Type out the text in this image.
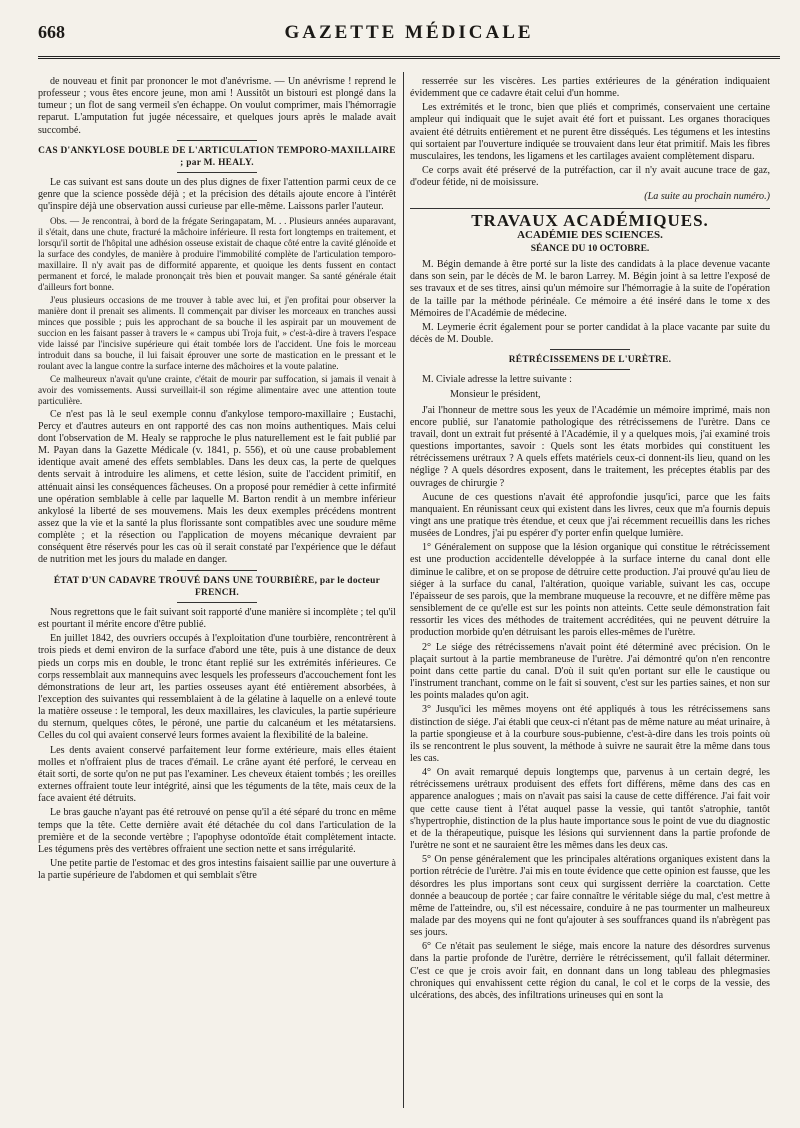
668	GAZETTE MÉDICALE

de nouveau et finit par prononcer le mot d'anévrisme. — Un anévrisme ! reprend le professeur ; vous êtes encore jeune, mon ami ! Aussitôt un bistouri est plongé dans la tumeur ; un flot de sang vermeil s'en échappe. On voulut comprimer, mais l'hémorragie reparut. L'amputation fut jugée nécessaire, et quelques jours après le malade avait succombé.

CAS D'ANKYLOSE DOUBLE DE L'ARTICULATION TEMPORO-MAXILLAIRE ; par M. HEALY.

Le cas suivant est sans doute un des plus dignes de fixer l'attention parmi ceux de ce genre que la science possède déjà ; et la précision des détails ajoute encore à l'intérêt qu'inspire déjà une observation aussi curieuse par elle-même. Laissons parler l'auteur.

Obs. — Je rencontrai, à bord de la frégate Seringapatam, M. . . Plusieurs années auparavant, il s'était, dans une chute, fracturé la mâchoire inférieure. Il resta fort longtemps en traitement, et lorsqu'il sortit de l'hôpital une adhésion osseuse existait de chaque côté entre la cavité glénoïde et la surface des condyles, de manière à produire l'immobilité complète de l'articulation temporo-maxillaire. Il n'y avait pas de difformité apparente, et quoique les dents fussent en contact permanent et forcé, le malade prononçait très bien et pouvait manger. Sa santé générale était d'ailleurs fort bonne.

J'eus plusieurs occasions de me trouver à table avec lui, et j'en profitai pour observer la manière dont il prenait ses aliments. Il commençait par diviser les morceaux en tranches aussi minces que possible ; puis les approchant de sa bouche il les aspirait par un mouvement de succion en les faisant passer à travers le « campus ubi Troja fuit, » c'est-à-dire à travers l'espace vide laissé par l'incisive supérieure qui était tombée lors de l'accident. Une fois le morceau introduit dans sa bouche, il lui faisait éprouver une sorte de mastication en le pressant et le roulant avec la langue contre la surface interne des mâchoires et la voute palatine.

Ce malheureux n'avait qu'une crainte, c'était de mourir par suffocation, si jamais il venait à avoir des vomissements. Aussi surveillait-il son régime alimentaire avec une attention toute particulière.

Ce n'est pas là le seul exemple connu d'ankylose temporo-maxillaire ; Eustachi, Percy et d'autres auteurs en ont rapporté des cas non moins authentiques. Mais celui dont l'observation de M. Healy se rapproche le plus naturellement est le fait publié par M. Payan dans la Gazette Médicale (v. 1841, p. 556), et où une cause probablement identique avait amené des effets semblables. Dans les deux cas, la perte de quelques dents servait à introduire les alimens, et cette lésion, suite de l'accident primitif, en atténuait ainsi les conséquences fâcheuses. On a proposé pour remédier à cette infirmité une opération semblable à celle par laquelle M. Barton rendit à un membre inférieur ankylosé la liberté de ses mouvemens. Mais les deux exemples précédens montrent assez que la vie et la santé la plus florissante sont compatibles avec une soudure même complète ; et la résection ou l'application de moyens mécanique devraient par conséquent être réservés pour les cas où il serait constaté par l'expérience que le défaut de nutrition met les jours du malade en danger.

ÉTAT D'UN CADAVRE TROUVÉ DANS UNE TOURBIÈRE, par le docteur FRENCH.

Nous regrettons que le fait suivant soit rapporté d'une manière si incomplète ; tel qu'il est pourtant il mérite encore d'être publié.

En juillet 1842, des ouvriers occupés à l'exploitation d'une tourbière, rencontrèrent à trois pieds et demi environ de la surface d'abord une tête, puis à une distance de deux pieds un corps mis en double, le tronc étant replié sur les extrémités inférieures. Ce corps ressemblait aux mannequins avec lesquels les professeurs d'accouchement font les démonstrations de leur art, les parties osseuses ayant été entièrement absorbées, à l'exception des suivantes qui ressemblaient à de la gélatine à laquelle on a enlevé toute la matière osseuse : le temporal, les deux maxillaires, les clavicules, la partie supérieure du sternum, quelques côtes, le péroné, une partie du calcanéum et les métatarsiens. Celles du col qui avaient conservé leurs formes avaient la flexibilité de la baleine.

Les dents avaient conservé parfaitement leur forme extérieure, mais elles étaient molles et n'offraient plus de traces d'émail. Le crâne ayant été perforé, le cerveau en était sorti, de sorte qu'on ne put pas l'examiner. Les cheveux étaient tombés ; les oreilles externes offraient toute leur intégrité, ainsi que les téguments de la tête, mais ceux de la face avaient été détruits.

Le bras gauche n'ayant pas été retrouvé on pense qu'il a été séparé du tronc en même temps que la tête. Cette dernière avait été détachée du col dans l'articulation de la première et de la seconde vertèbre ; l'apophyse odontoïde était complètement intacte. Les tégumens près des vertèbres offraient une section nette et sans irrégularité.

Une petite partie de l'estomac et des gros intestins faisaient saillie par une ouverture à la partie supérieure de l'abdomen et qui semblait s'être

resserrée sur les viscères. Les parties extérieures de la génération indiquaient évidemment que ce cadavre était celui d'un homme.

Les extrémités et le tronc, bien que pliés et comprimés, conservaient une certaine ampleur qui indiquait que le sujet avait été fort et puissant. Les organes thoraciques avaient été détruits entièrement et ne purent être disséqués. Les tégumens et les intestins qui sortaient par l'ouverture indiquée se trouvaient dans leur état primitif. Mais les fibres musculaires, les tendons, les ligamens et les cartilages avaient complètement disparu.

Ce corps avait été préservé de la putréfaction, car il n'y avait aucune trace de gaz, d'odeur fétide, ni de moisissure.

(La suite au prochain numéro.)

TRAVAUX ACADÉMIQUES.
ACADÉMIE DES SCIENCES.
SÉANCE DU 10 OCTOBRE.

M. Bégin demande à être porté sur la liste des candidats à la place devenue vacante dans son sein, par le décès de M. le baron Larrey. M. Bégin joint à sa lettre l'exposé de ses travaux et de ses titres, ainsi qu'un mémoire sur l'hémorragie à la suite de l'opération de la taille par la méthode périnéale. Ce mémoire a été inséré dans le tome x des Mémoires de l'Académie de médecine.

M. Leymerie écrit également pour se porter candidat à la place vacante par suite du décès de M. Double.

RÉTRÉCISSEMENS DE L'URÈTRE.

M. Civiale adresse la lettre suivante :

Monsieur le président,

J'ai l'honneur de mettre sous les yeux de l'Académie un mémoire imprimé, mais non encore publié, sur l'anatomie pathologique des rétrécissemens de l'urètre. Dans ce travail, dont un extrait fut présenté à l'Académie, il y a quelques mois, j'ai examiné trois questions importantes, savoir : Quels sont les états morbides qui constituent les rétrécissemens urétraux ? A quels effets matériels ceux-ci donnent-ils lieu, quand on les néglige ? A quels désordres exposent, dans le traitement, les préceptes établis par des ouvrages de chirurgie ?

Aucune de ces questions n'avait été approfondie jusqu'ici, parce que les faits manquaient. En réunissant ceux qui existent dans les livres, ceux que m'a fournis depuis vingt ans une pratique très étendue, et ceux que j'ai récemment recueillis dans les riches musées de Londres, j'ai pu espérer d'y porter enfin quelque lumière.

1° Généralement on suppose que la lésion organique qui constitue le rétrécissement est une production accidentelle développée à la surface interne du canal dont elle diminue le calibre, et on se propose de détruire cette production. J'ai prouvé qu'au lieu de siéger à la surface du canal, l'altération, quoique variable, suivant les cas, occupe l'épaisseur de ses parois, que la membrane muqueuse la recouvre, et ne diffère même pas sensiblement de ce qu'elle est sur les points non atteints. Cette seule démonstration fait ressortir les vices des méthodes de traitement accréditées, qui ne peuvent détruire la production morbide qu'en détruisant les parois elles-mêmes de l'urètre.

2° Le siége des rétrécissemens n'avait point été déterminé avec précision. On le plaçait surtout à la partie membraneuse de l'urètre. J'ai démontré qu'on n'en rencontre point dans cette partie du canal. D'où il suit qu'en portant sur elle le caustique ou l'instrument tranchant, comme on le fait si souvent, c'est sur les parties saines, et non sur les points malades qu'on agit.

3° Jusqu'ici les mêmes moyens ont été appliqués à tous les rétrécissemens sans distinction de siége. J'ai établi que ceux-ci n'étant pas de même nature au méat urinaire, à la partie spongieuse et à la courbure sous-pubienne, c'est-à-dire dans les trois points où ils se rencontrent le plus souvent, la méthode à suivre ne saurait être la même dans tous les cas.

4° On avait remarqué depuis longtemps que, parvenus à un certain degré, les rétrécissemens urétraux produisent des effets fort différens, même dans des cas en apparence analogues ; mais on n'avait pas saisi la cause de cette différence. J'ai fait voir que cette cause tient à l'état auquel passe la vessie, qui tantôt s'atrophie, tantôt s'hypertrophie, distinction de la plus haute importance sous le point de vue du diagnostic et de la thérapeutique, puisque les lésions qui surviennent dans la partie profonde de l'urètre ne sont et ne sauraient être les mêmes dans les deux cas.

5° On pense généralement que les principales altérations organiques existent dans la portion rétrécie de l'urètre. J'ai mis en toute évidence que cette opinion est fausse, que les désordres les plus importans sont ceux qui surgissent derrière la coarctation. Cette donnée a beaucoup de portée ; car faire connaître le véritable siége du mal, c'est mettre à même de l'atteindre, ou, s'il est nécessaire, conduire à ne pas tourmenter un malheureux malade par des moyens qui ne font qu'ajouter à ses souffrances quand ils n'abrègent pas ses jours.

6° Ce n'était pas seulement le siége, mais encore la nature des désordres survenus dans la partie profonde de l'urètre, derrière le rétrécissement, qu'il fallait déterminer. C'est ce que je crois avoir fait, en donnant dans un long tableau des phlegmasies chroniques qui envahissent cette région du canal, le col et le corps de la vessie, des ulcérations, des abcès, des infiltrations urineuses qui en sont la
